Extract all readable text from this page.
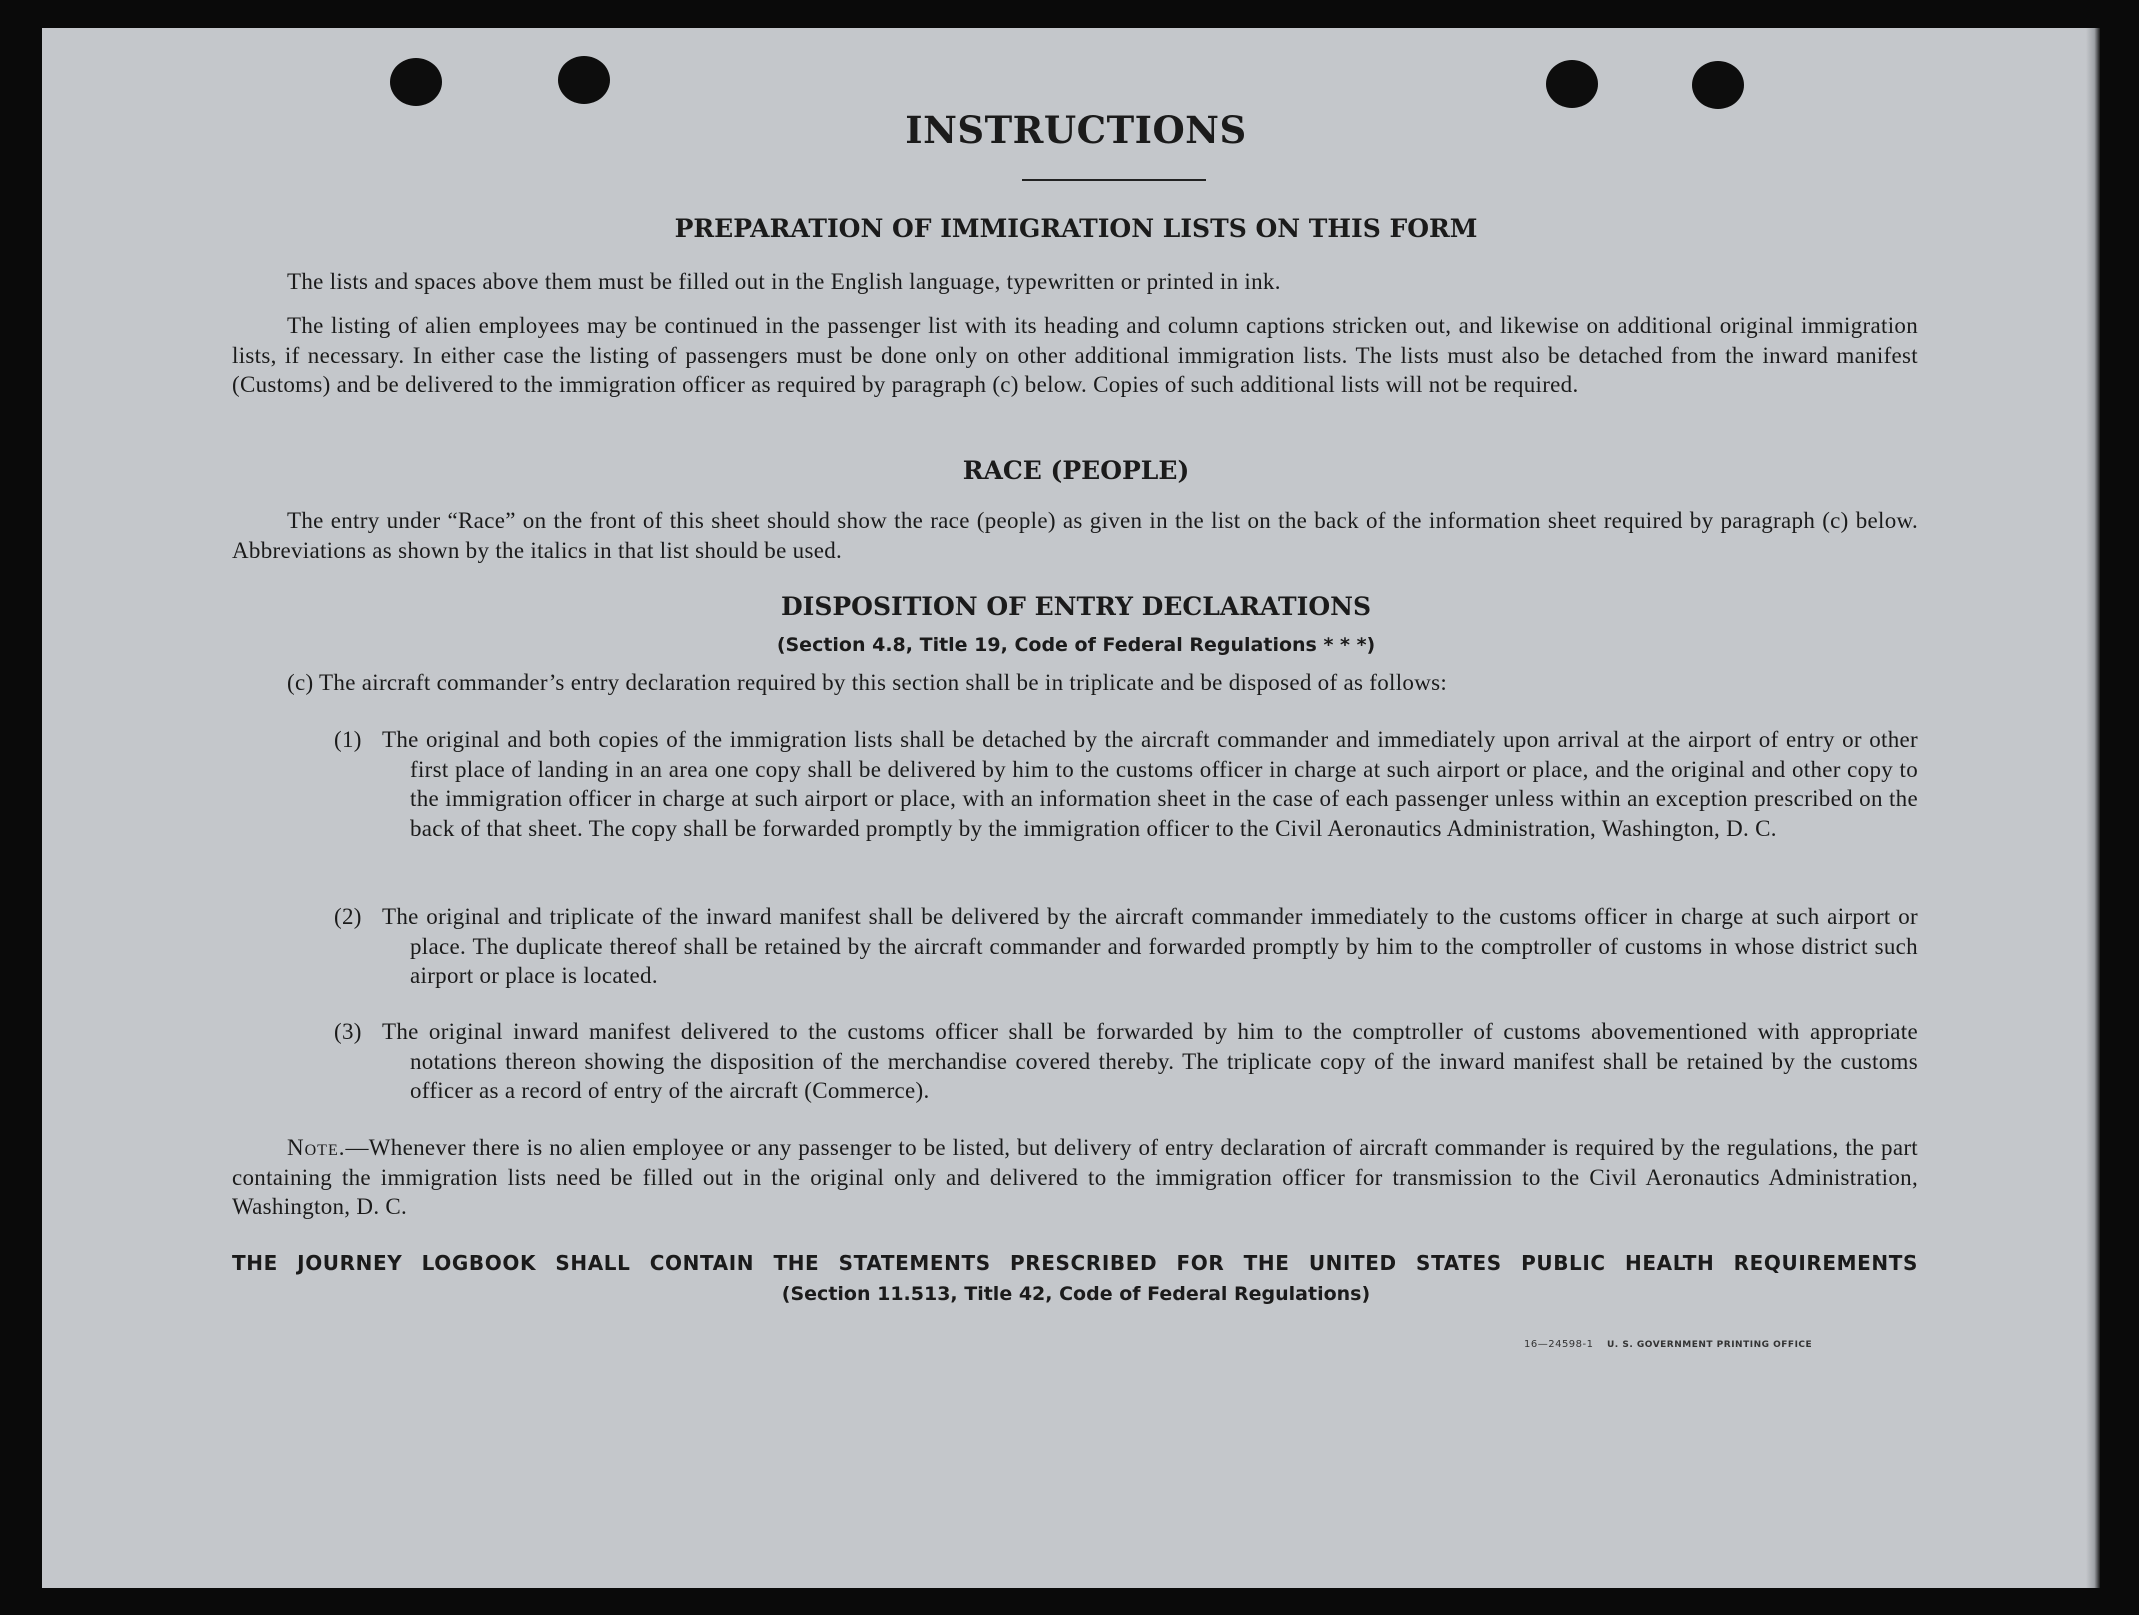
INSTRUCTIONS
PREPARATION OF IMMIGRATION LISTS ON THIS FORM
The lists and spaces above them must be filled out in the English language, typewritten or printed in ink.
The listing of alien employees may be continued in the passenger list with its heading and column captions stricken out, and likewise on additional original immigration lists, if necessary. In either case the listing of passengers must be done only on other additional immigration lists. The lists must also be detached from the inward manifest (Customs) and be delivered to the immigration officer as required by paragraph (c) below. Copies of such additional lists will not be required.
RACE (PEOPLE)
The entry under “Race” on the front of this sheet should show the race (people) as given in the list on the back of the information sheet required by paragraph (c) below. Abbreviations as shown by the italics in that list should be used.
DISPOSITION OF ENTRY DECLARATIONS
(Section 4.8, Title 19, Code of Federal Regulations * * *)
(c) The aircraft commander’s entry declaration required by this section shall be in triplicate and be disposed of as follows:
(1) The original and both copies of the immigration lists shall be detached by the aircraft commander and immediately upon arrival at the airport of entry or other first place of landing in an area one copy shall be delivered by him to the customs officer in charge at such airport or place, and the original and other copy to the immigration officer in charge at such airport or place, with an information sheet in the case of each passenger unless within an exception prescribed on the back of that sheet. The copy shall be forwarded promptly by the immigration officer to the Civil Aeronautics Administration, Washington, D. C.
(2) The original and triplicate of the inward manifest shall be delivered by the aircraft commander immediately to the customs officer in charge at such airport or place. The duplicate thereof shall be retained by the aircraft commander and forwarded promptly by him to the comptroller of customs in whose district such airport or place is located.
(3) The original inward manifest delivered to the customs officer shall be forwarded by him to the comptroller of customs abovementioned with appropriate notations thereon showing the disposition of the merchandise covered thereby. The triplicate copy of the inward manifest shall be retained by the customs officer as a record of entry of the aircraft (Commerce).
Note.—Whenever there is no alien employee or any passenger to be listed, but delivery of entry declaration of aircraft commander is required by the regulations, the part containing the immigration lists need be filled out in the original only and delivered to the immigration officer for transmission to the Civil Aeronautics Administration, Washington, D. C.
THE JOURNEY LOGBOOK SHALL CONTAIN THE STATEMENTS PRESCRIBED FOR THE UNITED STATES PUBLIC HEALTH REQUIREMENTS
(Section 11.513, Title 42, Code of Federal Regulations)
16—24598-1 U. S. GOVERNMENT PRINTING OFFICE
